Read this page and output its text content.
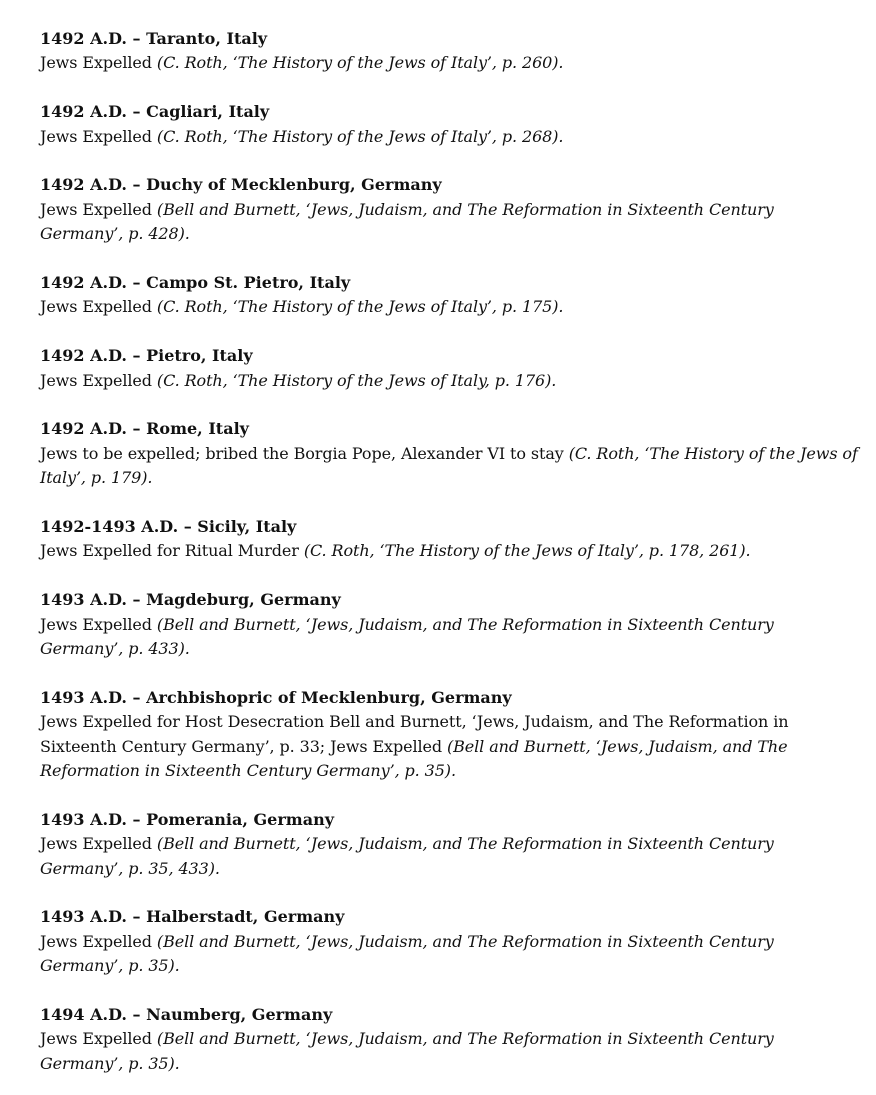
1492 A.D. – Taranto, Italy
Jews Expelled (C. Roth, ‘The History of the Jews of Italy’, p. 260).
1492 A.D. – Cagliari, Italy
Jews Expelled (C. Roth, ‘The History of the Jews of Italy’, p. 268).
1492 A.D. – Duchy of Mecklenburg, Germany
Jews Expelled (Bell and Burnett, ‘Jews, Judaism, and The Reformation in Sixteenth Century Germany’, p. 428).
1492 A.D. – Campo St. Pietro, Italy
Jews Expelled (C. Roth, ‘The History of the Jews of Italy’, p. 175).
1492 A.D. – Pietro, Italy
Jews Expelled (C. Roth, ‘The History of the Jews of Italy, p. 176).
1492 A.D. – Rome, Italy
Jews to be expelled; bribed the Borgia Pope, Alexander VI to stay (C. Roth, ‘The History of the Jews of Italy’, p. 179).
1492-1493 A.D. – Sicily, Italy
Jews Expelled for Ritual Murder (C. Roth, ‘The History of the Jews of Italy’, p. 178, 261).
1493 A.D. – Magdeburg, Germany
Jews Expelled (Bell and Burnett, ‘Jews, Judaism, and The Reformation in Sixteenth Century Germany’, p. 433).
1493 A.D. – Archbishopric of Mecklenburg, Germany
Jews Expelled for Host Desecration Bell and Burnett, ‘Jews, Judaism, and The Reformation in Sixteenth Century Germany’, p. 33; Jews Expelled (Bell and Burnett, ‘Jews, Judaism, and The Reformation in Sixteenth Century Germany’, p. 35).
1493 A.D. – Pomerania, Germany
Jews Expelled (Bell and Burnett, ‘Jews, Judaism, and The Reformation in Sixteenth Century Germany’, p. 35, 433).
1493 A.D. – Halberstadt, Germany
Jews Expelled (Bell and Burnett, ‘Jews, Judaism, and The Reformation in Sixteenth Century Germany’, p. 35).
1494 A.D. – Naumberg, Germany
Jews Expelled (Bell and Burnett, ‘Jews, Judaism, and The Reformation in Sixteenth Century Germany’, p. 35).
